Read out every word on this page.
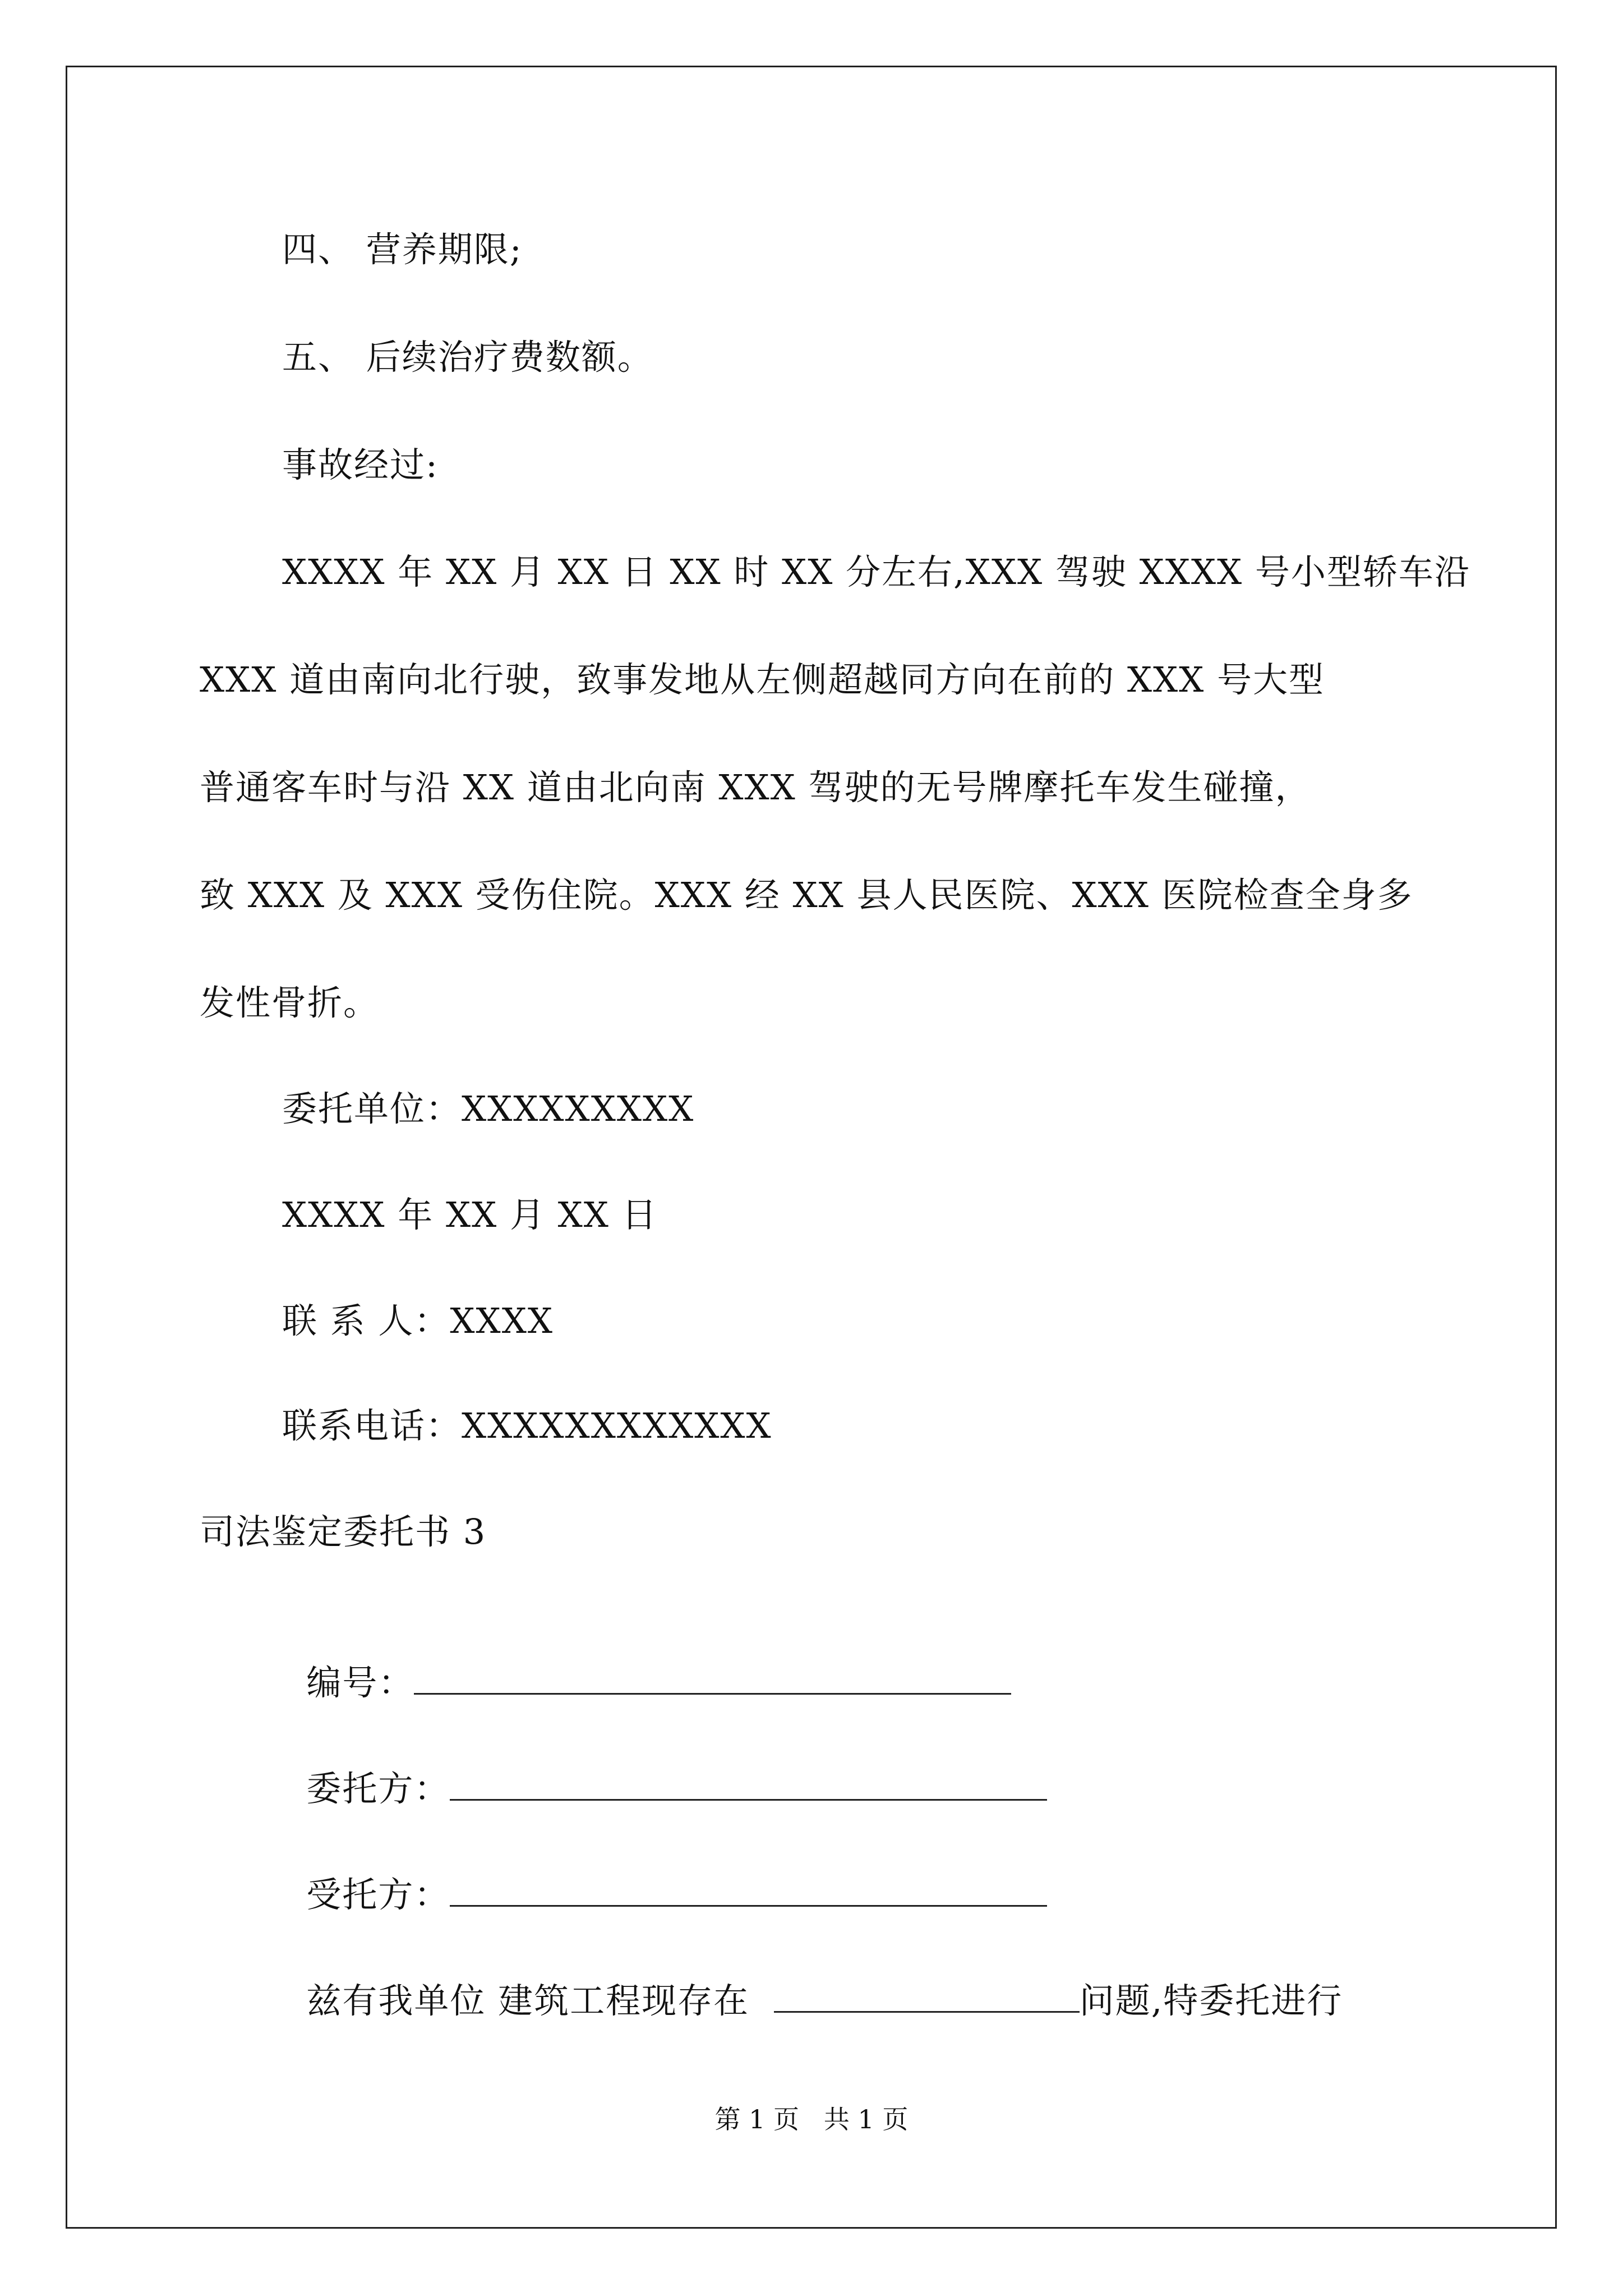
四、 营养期限;
五、 后续治疗费数额。
事故经过:
XXXX 年 XX 月 XX 日 XX 时 XX 分左右,XXX 驾驶 XXXX 号小型轿车沿
XXX 道由南向北行驶，致事发地从左侧超越同方向在前的 XXX 号大型
普通客车时与沿 XX 道由北向南 XXX 驾驶的无号牌摩托车发生碰撞，
致 XXX 及 XXX 受伤住院。XXX 经 XX 县人民医院、XXX 医院检查全身多
发性骨折。
委托单位：XXXXXXXXX
XXXX 年 XX 月 XX 日
联 系 人：XXXX
联系电话：XXXXXXXXXXXX
司法鉴定委托书 3

编号：

委托方：

受托方：

兹有我单位 建筑工程现存在	问题,特委托进行

第 1 页   共 1 页
